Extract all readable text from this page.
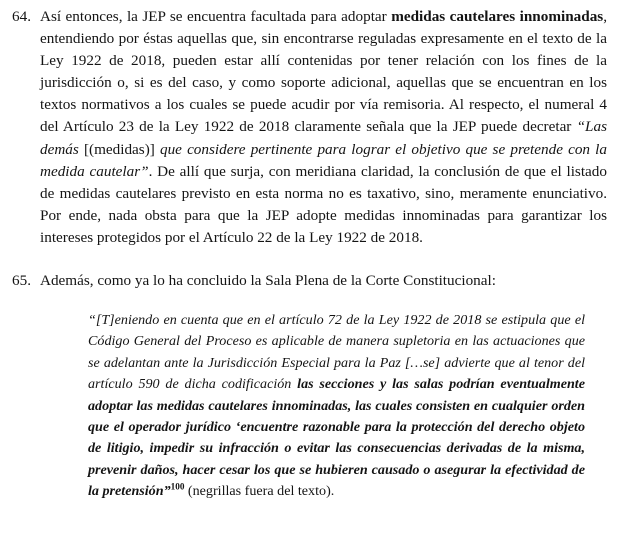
64. Así entonces, la JEP se encuentra facultada para adoptar medidas cautelares innominadas, entendiendo por éstas aquellas que, sin encontrarse reguladas expresamente en el texto de la Ley 1922 de 2018, pueden estar allí contenidas por tener relación con los fines de la jurisdicción o, si es del caso, y como soporte adicional, aquellas que se encuentran en los textos normativos a los cuales se puede acudir por vía remisoria. Al respecto, el numeral 4 del Artículo 23 de la Ley 1922 de 2018 claramente señala que la JEP puede decretar “Las demás [(medidas)] que considere pertinente para lograr el objetivo que se pretende con la medida cautelar”. De allí que surja, con meridiana claridad, la conclusión de que el listado de medidas cautelares previsto en esta norma no es taxativo, sino, meramente enunciativo. Por ende, nada obsta para que la JEP adopte medidas innominadas para garantizar los intereses protegidos por el Artículo 22 de la Ley 1922 de 2018.
65. Además, como ya lo ha concluido la Sala Plena de la Corte Constitucional:
“[T]eniendo en cuenta que en el artículo 72 de la Ley 1922 de 2018 se estipula que el Código General del Proceso es aplicable de manera supletoria en las actuaciones que se adelantan ante la Jurisdicción Especial para la Paz […se] advierte que al tenor del artículo 590 de dicha codificación las secciones y las salas podrían eventualmente adoptar las medidas cautelares innominadas, las cuales consisten en cualquier orden que el operador jurídico ‘encuentre razonable para la protección del derecho objeto de litigio, impedir su infracción o evitar las consecuencias derivadas de la misma, prevenir daños, hacer cesar los que se hubieren causado o asegurar la efectividad de la pretensión”$^{100}$ (negrillas fuera del texto).
